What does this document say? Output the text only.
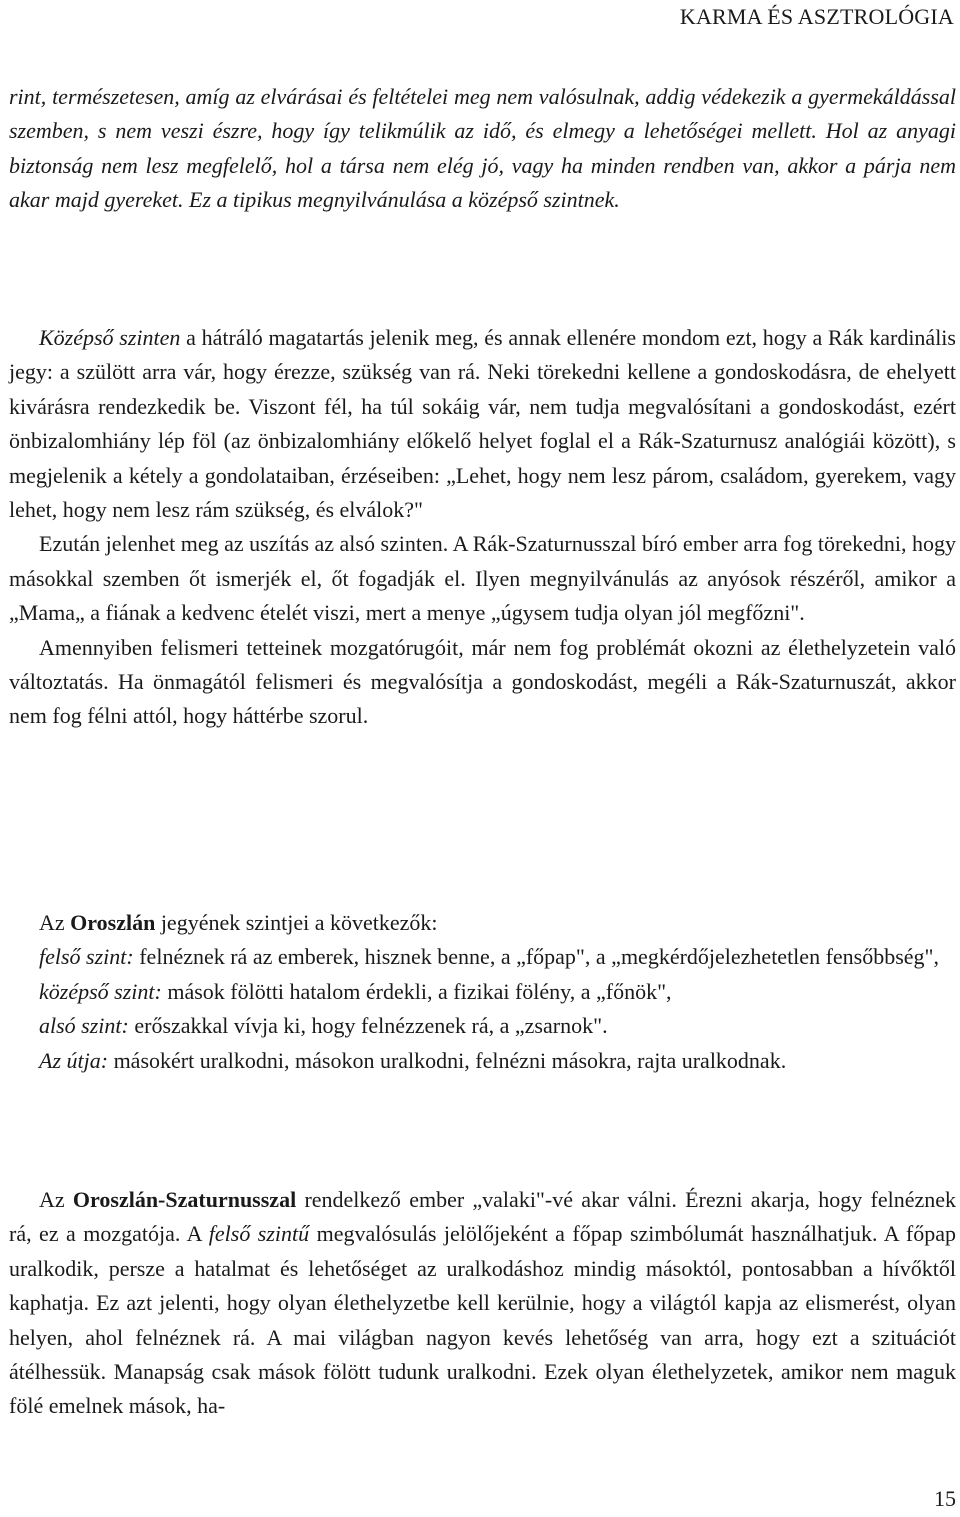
KARMA ÉS ASZTROLÓGIA

rint, természetesen, amíg az elvárásai és feltételei meg nem valósulnak, addig védekezik a gyermekáldással szemben, s nem veszi észre, hogy így telikmúlik az idő, és elmegy a lehetőségei mellett. Hol az anyagi biztonság nem lesz megfelelő, hol a társa nem elég jó, vagy ha minden rendben van, akkor a párja nem akar majd gyereket. Ez a tipikus megnyilvánulása a középső szintnek.

Középső szinten a hátráló magatartás jelenik meg, és annak ellenére mondom ezt, hogy a Rák kardinális jegy: a szülött arra vár, hogy érezze, szükség van rá. Neki törekedni kellene a gondoskodásra, de ehelyett kivárásra rendezkedik be. Viszont fél, ha túl sokáig vár, nem tudja megvalósítani a gondoskodást, ezért önbizalomhiány lép föl (az önbizalomhiány előkelő helyet foglal el a Rák-Szaturnusz analógiái között), s megjelenik a kétely a gondolataiban, érzéseiben: „Lehet, hogy nem lesz párom, családom, gyerekem, vagy lehet, hogy nem lesz rám szükség, és elválok?"

Ezután jelenhet meg az uszítás az alsó szinten. A Rák-Szaturnusszal bíró ember arra fog törekedni, hogy másokkal szemben őt ismerjék el, őt fogadják el. Ilyen megnyilvánulás az anyósok részéről, amikor a „Mama„ a fiának a kedvenc ételét viszi, mert a menye „úgysem tudja olyan jól megfőzni".

Amennyiben felismeri tetteinek mozgatórugóit, már nem fog problémát okozni az élethelyzetein való változtatás. Ha önmagától felismeri és megvalósítja a gondoskodást, megéli a Rák-Szaturnuszát, akkor nem fog félni attól, hogy háttérbe szorul.

Az Oroszlán jegyének szintjei a következők:

felső szint: felnéznek rá az emberek, hisznek benne, a „főpap", a „megkérdőjelezhetetlen fensőbbség",

középső szint: mások fölötti hatalom érdekli, a fizikai fölény, a „főnök",

alsó szint: erőszakkal vívja ki, hogy felnézzenek rá, a „zsarnok".

Az útja: másokért uralkodni, másokon uralkodni, felnézni másokra, rajta uralkodnak.

Az Oroszlán-Szaturnusszal rendelkező ember „valaki"-vé akar válni. Érezni akarja, hogy felnéznek rá, ez a mozgatója. A felső szintű megvalósulás jelölőjeként a főpap szimbólumát használhatjuk. A főpap uralkodik, persze a hatalmat és lehetőséget az uralkodáshoz mindig másoktól, pontosabban a hívőktől kaphatja. Ez azt jelenti, hogy olyan élethelyzetbe kell kerülnie, hogy a világtól kapja az elismerést, olyan helyen, ahol felnéznek rá. A mai világban nagyon kevés lehetőség van arra, hogy ezt a szituációt átélhessük. Manapság csak mások fölött tudunk uralkodni. Ezek olyan élethelyzetek, amikor nem maguk fölé emelnek mások, ha-

15
